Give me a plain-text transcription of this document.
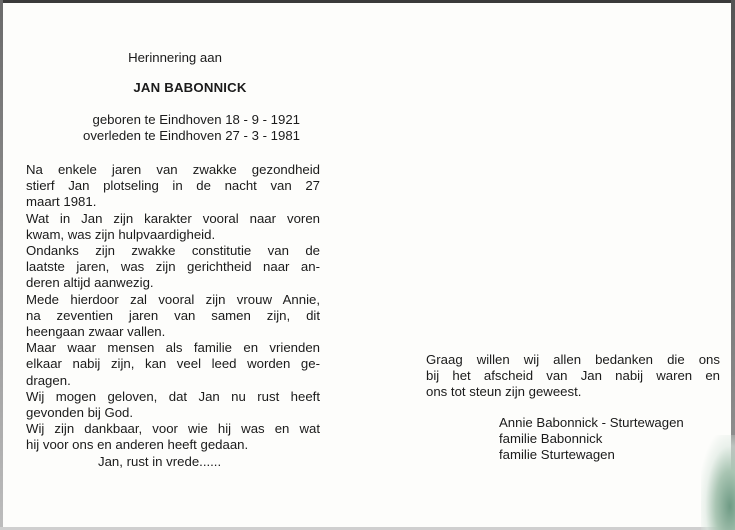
Herinnering aan
JAN BABONNICK
geboren te Eindhoven 18 - 9 - 1921
overleden te Eindhoven 27 - 3 - 1981
Na enkele jaren van zwakke gezondheid
stierf Jan plotseling in de nacht van 27
maart 1981.
Wat in Jan zijn karakter vooral naar voren
kwam, was zijn hulpvaardigheid.
Ondanks zijn zwakke constitutie van de
laatste jaren, was zijn gerichtheid naar an-
deren altijd aanwezig.
Mede hierdoor zal vooral zijn vrouw Annie,
na zeventien jaren van samen zijn, dit
heengaan zwaar vallen.
Maar waar mensen als familie en vrienden
elkaar nabij zijn, kan veel leed worden ge-
dragen.
Wij mogen geloven, dat Jan nu rust heeft
gevonden bij God.
Wij zijn dankbaar, voor wie hij was en wat
hij voor ons en anderen heeft gedaan.
Jan, rust in vrede......
Graag willen wij allen bedanken die ons
bij het afscheid van Jan nabij waren en
ons tot steun zijn geweest.
Annie Babonnick - Sturtewagen
familie Babonnick
familie Sturtewagen
